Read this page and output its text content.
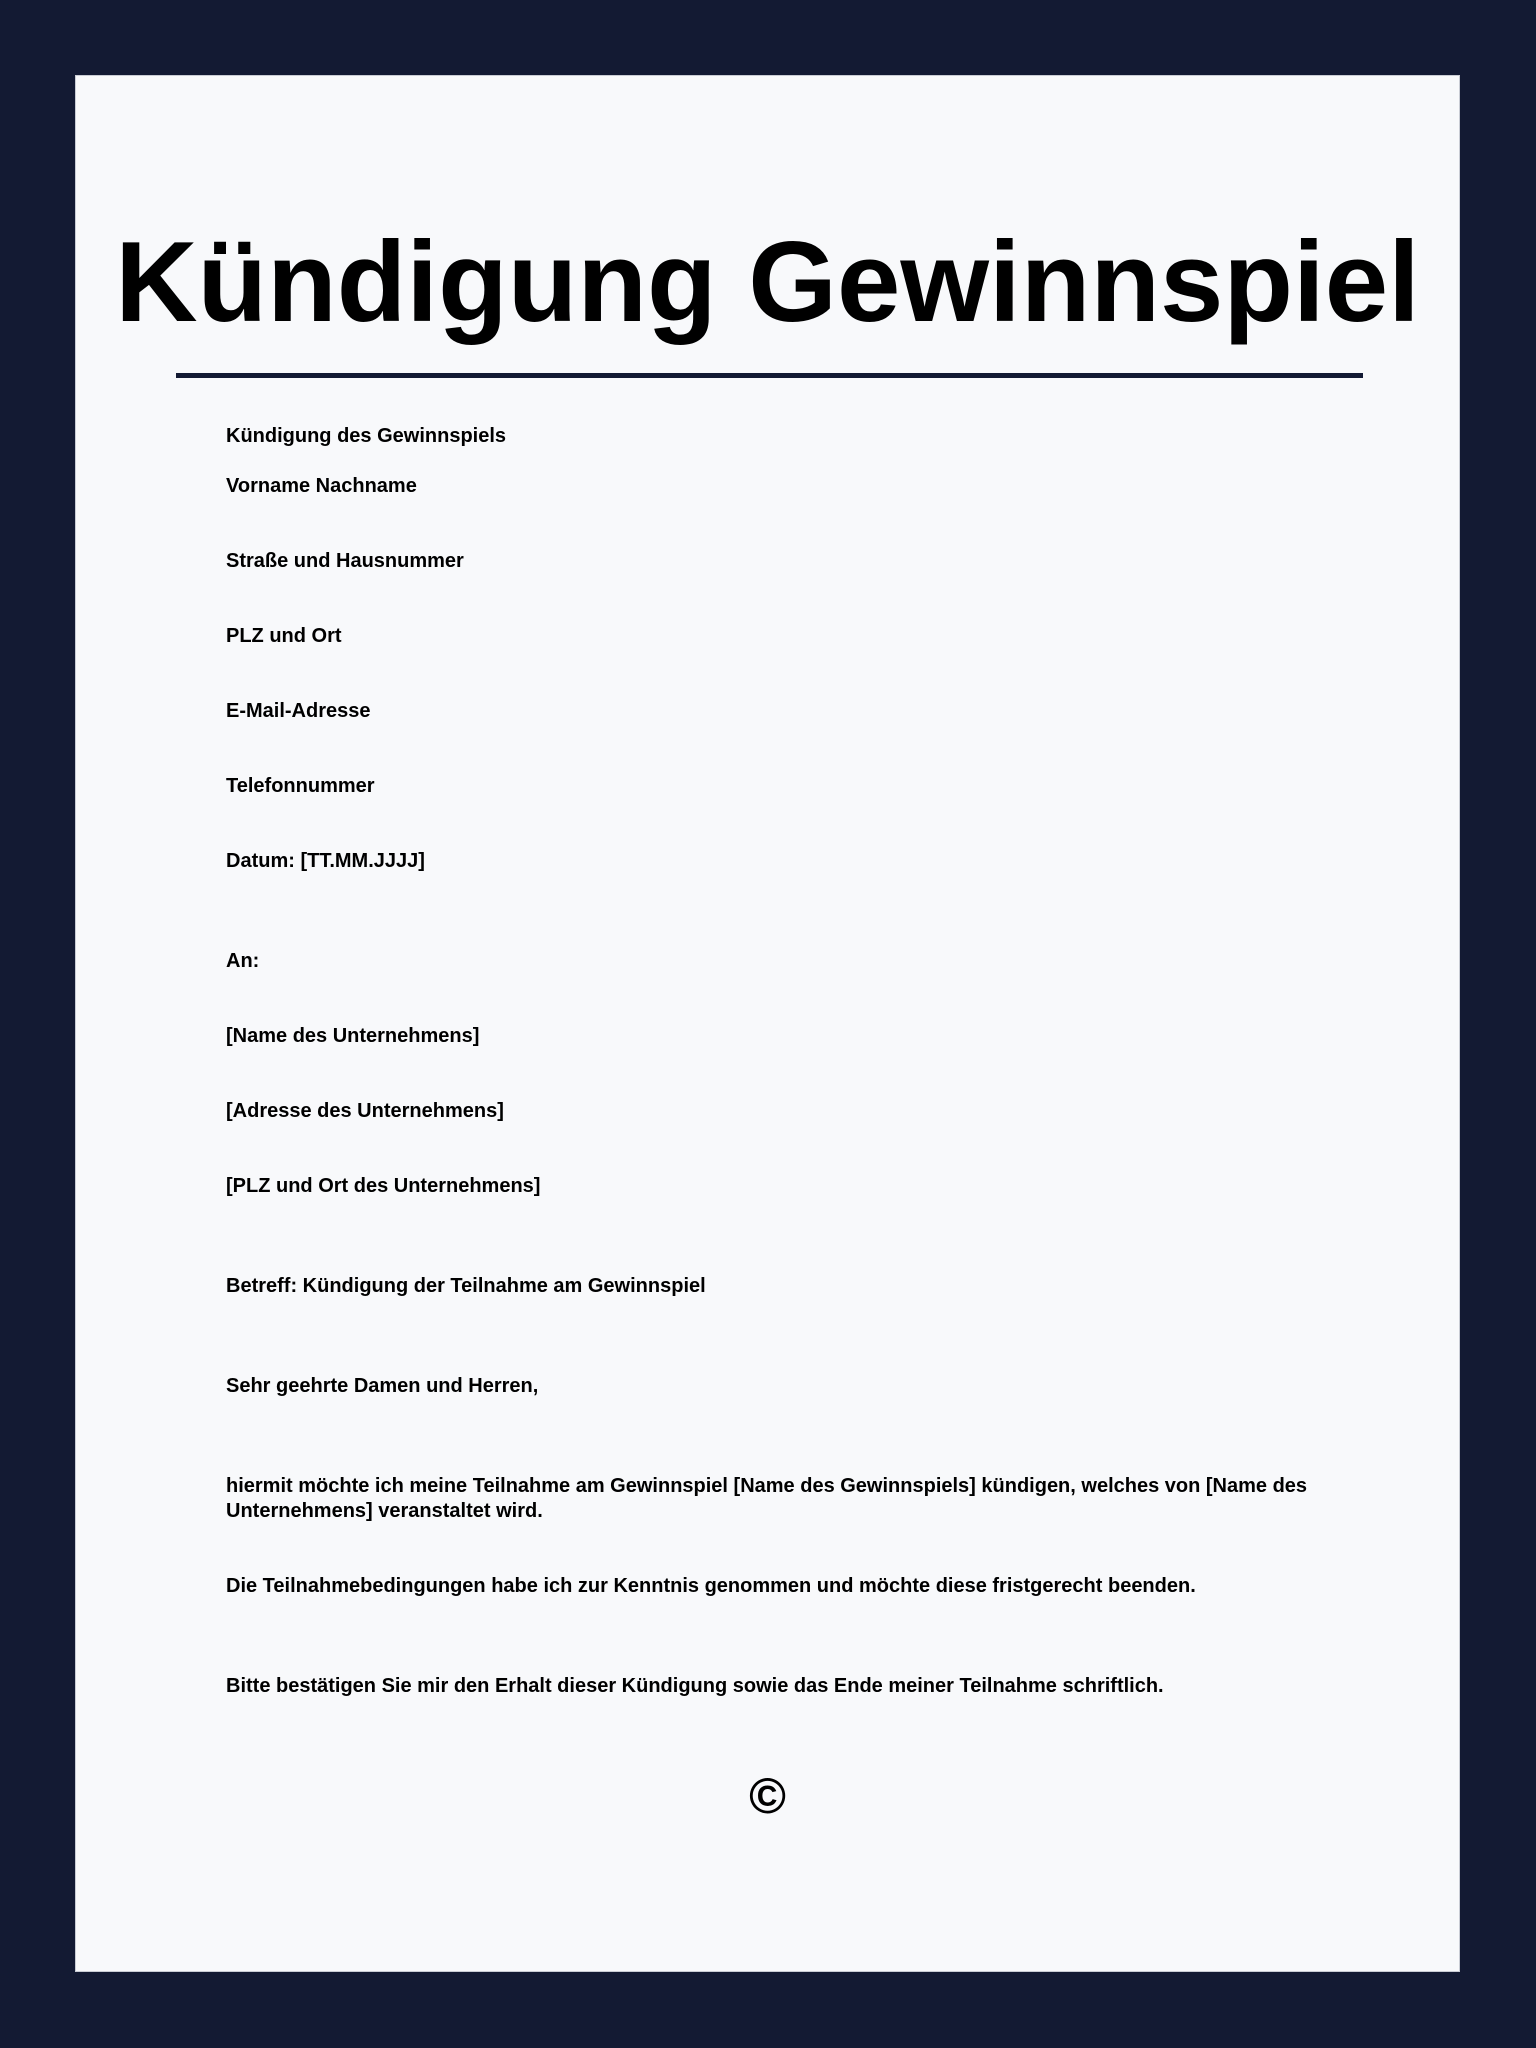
Kündigung Gewinnspiel

Kündigung des Gewinnspiels

Vorname Nachname

Straße und Hausnummer

PLZ und Ort

E-Mail-Adresse

Telefonnummer

Datum: [TT.MM.JJJJ]

An:

[Name des Unternehmens]

[Adresse des Unternehmens]

[PLZ und Ort des Unternehmens]

Betreff: Kündigung der Teilnahme am Gewinnspiel

Sehr geehrte Damen und Herren,

hiermit möchte ich meine Teilnahme am Gewinnspiel [Name des Gewinnspiels] kündigen, welches von [Name des Unternehmens] veranstaltet wird.

Die Teilnahmebedingungen habe ich zur Kenntnis genommen und möchte diese fristgerecht beenden.

Bitte bestätigen Sie mir den Erhalt dieser Kündigung sowie das Ende meiner Teilnahme schriftlich.

©
